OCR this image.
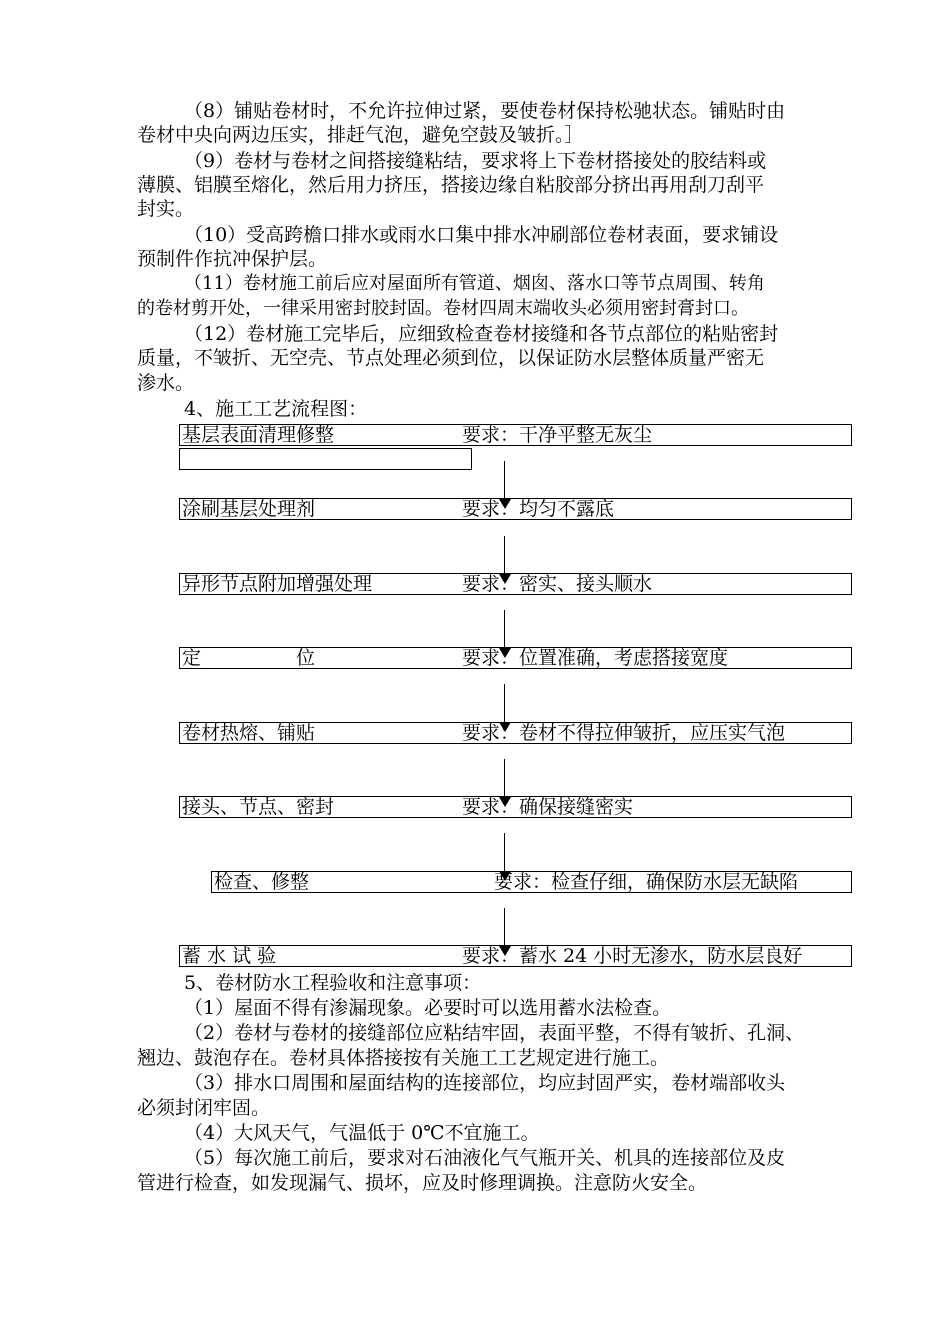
（8）铺贴卷材时，不允许拉伸过紧，要使卷材保持松驰状态。铺贴时由
卷材中央向两边压实，排赶气泡，避免空鼓及皱折。］
（9）卷材与卷材之间搭接缝粘结，要求将上下卷材搭接处的胶结料或
薄膜、铝膜至熔化，然后用力挤压，搭接边缘自粘胶部分挤出再用刮刀刮平
封实。
（10）受高跨檐口排水或雨水口集中排水冲刷部位卷材表面，要求铺设
预制件作抗冲保护层。
（11）卷材施工前后应对屋面所有管道、烟囱、落水口等节点周围、转角
的卷材剪开处，一律采用密封胶封固。卷材四周末端收头必须用密封膏封口。
（12）卷材施工完毕后，应细致检查卷材接缝和各节点部位的粘贴密封
质量，不皱折、无空壳、节点处理必须到位，以保证防水层整体质量严密无
渗水。
4、施工工艺流程图：
基层表面清理修整	要求：干净平整无灰尘
涂刷基层处理剂	要求：均匀不露底
异形节点附加增强处理	要求：密实、接头顺水
定　　　　　位	要求：位置准确，考虑搭接宽度
卷材热熔、铺贴	要求：卷材不得拉伸皱折，应压实气泡
接头、节点、密封	要求：确保接缝密实
检查、修整	要求：检查仔细，确保防水层无缺陷
蓄 水 试 验	要求：蓄水 24 小时无渗水，防水层良好
5、卷材防水工程验收和注意事项：
（1）屋面不得有渗漏现象。必要时可以选用蓄水法检查。
（2）卷材与卷材的接缝部位应粘结牢固，表面平整，不得有皱折、孔洞、
翘边、鼓泡存在。卷材具体搭接按有关施工工艺规定进行施工。
（3）排水口周围和屋面结构的连接部位，均应封固严实，卷材端部收头
必须封闭牢固。
（4）大风天气，气温低于 0℃不宜施工。
（5）每次施工前后，要求对石油液化气气瓶开关、机具的连接部位及皮
管进行检查，如发现漏气、损坏，应及时修理调换。注意防火安全。
